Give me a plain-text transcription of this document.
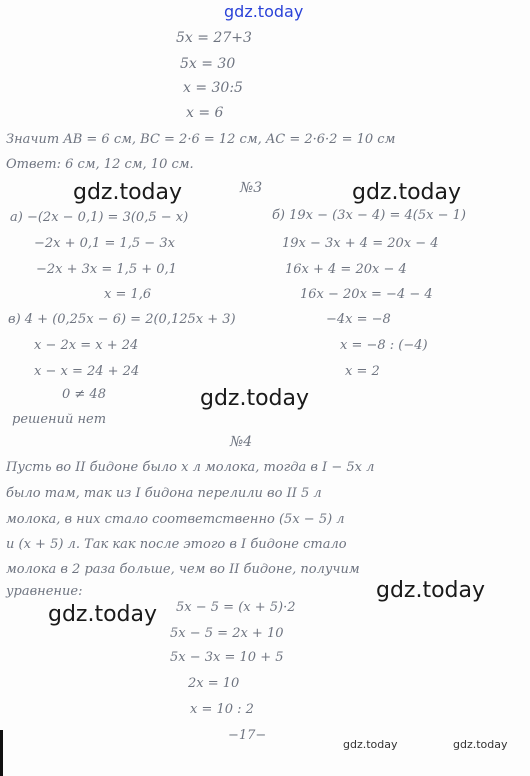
gdz.today
5x = 27+3
5x = 30
x = 30:5
x = 6
Значит AB = 6 см, BC = 2·6 = 12 см, AC = 2·6·2 = 10 см
Ответ: 6 см, 12 см, 10 см.
№3
gdz.today	gdz.today
а) −(2x − 0,1) = 3(0,5 − x)	б) 19x − (3x − 4) = 4(5x − 1)
−2x + 0,1 = 1,5 − 3x	19x − 3x + 4 = 20x − 4
−2x + 3x = 1,5 + 0,1	16x + 4 = 20x − 4
x = 1,6	16x − 20x = −4 − 4
в) 4 + (0,25x − 6) = 2(0,125x + 3)	−4x = −8
x − 2x = x + 24	x = −8 : (−4)
x − x = 24 + 24	x = 2
0 ≠ 48	gdz.today
решений нет
№4
Пусть во II бидоне было x л молока, тогда в I − 5x л
было там, так из I бидона перелили во II 5 л
молока, в них стало соответственно (5x − 5) л
и (x + 5) л. Так как после этого в I бидоне стало
молока в 2 раза больше, чем во II бидоне, получим
уравнение:	gdz.today
gdz.today 5x − 5 = (x + 5)·2
5x − 5 = 2x + 10
5x − 3x = 10 + 5
2x = 10
x = 10 : 2
−17−
gdz.today	gdz.today
